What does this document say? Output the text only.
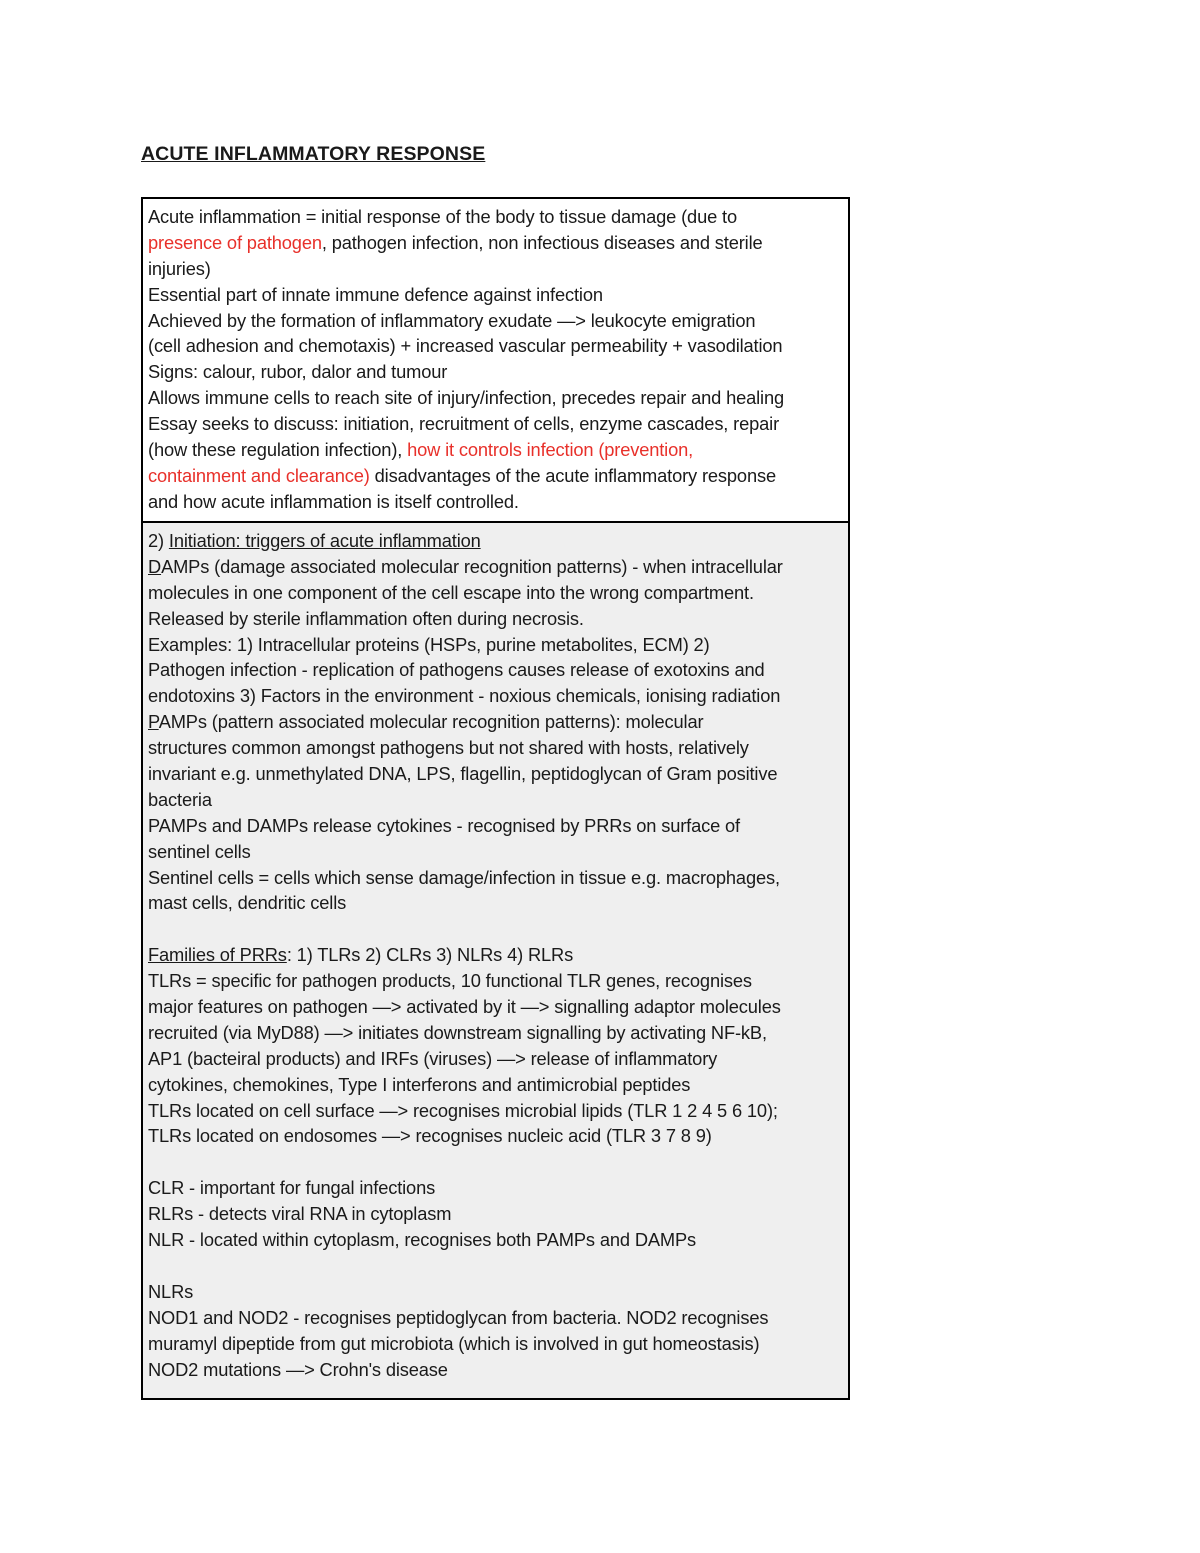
ACUTE INFLAMMATORY RESPONSE
Acute inflammation = initial response of the body to tissue damage (due to
presence of pathogen, pathogen infection, non infectious diseases and sterile
injuries)
Essential part of innate immune defence against infection
Achieved by the formation of inflammatory exudate —> leukocyte emigration
(cell adhesion and chemotaxis) + increased vascular permeability + vasodilation
Signs: calour, rubor, dalor and tumour
Allows immune cells to reach site of injury/infection, precedes repair and healing
Essay seeks to discuss: initiation, recruitment of cells, enzyme cascades, repair
(how these regulation infection), how it controls infection (prevention,
containment and clearance) disadvantages of the acute inflammatory response
and how acute inflammation is itself controlled.
2) Initiation: triggers of acute inflammation
DAMPs (damage associated molecular recognition patterns) - when intracellular
molecules in one component of the cell escape into the wrong compartment.
Released by sterile inflammation often during necrosis.
Examples: 1) Intracellular proteins (HSPs, purine metabolites, ECM) 2)
Pathogen infection - replication of pathogens causes release of exotoxins and
endotoxins 3) Factors in the environment - noxious chemicals, ionising radiation
PAMPs (pattern associated molecular recognition patterns): molecular
structures common amongst pathogens but not shared with hosts, relatively
invariant e.g. unmethylated DNA, LPS, flagellin, peptidoglycan of Gram positive
bacteria
PAMPs and DAMPs release cytokines - recognised by PRRs on surface of
sentinel cells
Sentinel cells = cells which sense damage/infection in tissue e.g. macrophages,
mast cells, dendritic cells
Families of PRRs: 1) TLRs 2) CLRs 3) NLRs 4) RLRs
TLRs = specific for pathogen products, 10 functional TLR genes, recognises
major features on pathogen —> activated by it —> signalling adaptor molecules
recruited (via MyD88) —> initiates downstream signalling by activating NF-kB,
AP1 (bacteiral products) and IRFs (viruses) —> release of inflammatory
cytokines, chemokines, Type I interferons and antimicrobial peptides
TLRs located on cell surface —> recognises microbial lipids (TLR 1 2 4 5 6 10);
TLRs located on endosomes —> recognises nucleic acid (TLR 3 7 8 9)
CLR - important for fungal infections
RLRs - detects viral RNA in cytoplasm
NLR - located within cytoplasm, recognises both PAMPs and DAMPs
NLRs
NOD1 and NOD2 - recognises peptidoglycan from bacteria. NOD2 recognises
muramyl dipeptide from gut microbiota (which is involved in gut homeostasis)
NOD2 mutations —> Crohn's disease
